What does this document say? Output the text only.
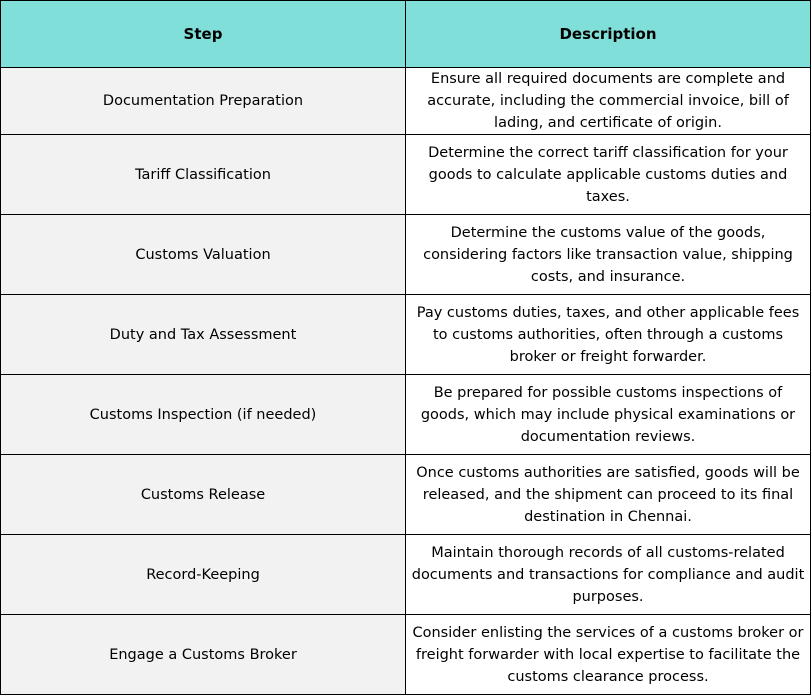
Step	Description
Documentation Preparation	Ensure all required documents are complete and accurate, including the commercial invoice, bill of lading, and certificate of origin.
Tariff Classification	Determine the correct tariff classification for your goods to calculate applicable customs duties and taxes.
Customs Valuation	Determine the customs value of the goods, considering factors like transaction value, shipping costs, and insurance.
Duty and Tax Assessment	Pay customs duties, taxes, and other applicable fees to customs authorities, often through a customs broker or freight forwarder.
Customs Inspection (if needed)	Be prepared for possible customs inspections of goods, which may include physical examinations or documentation reviews.
Customs Release	Once customs authorities are satisfied, goods will be released, and the shipment can proceed to its final destination in Chennai.
Record-Keeping	Maintain thorough records of all customs-related documents and transactions for compliance and audit purposes.
Engage a Customs Broker	Consider enlisting the services of a customs broker or freight forwarder with local expertise to facilitate the customs clearance process.
